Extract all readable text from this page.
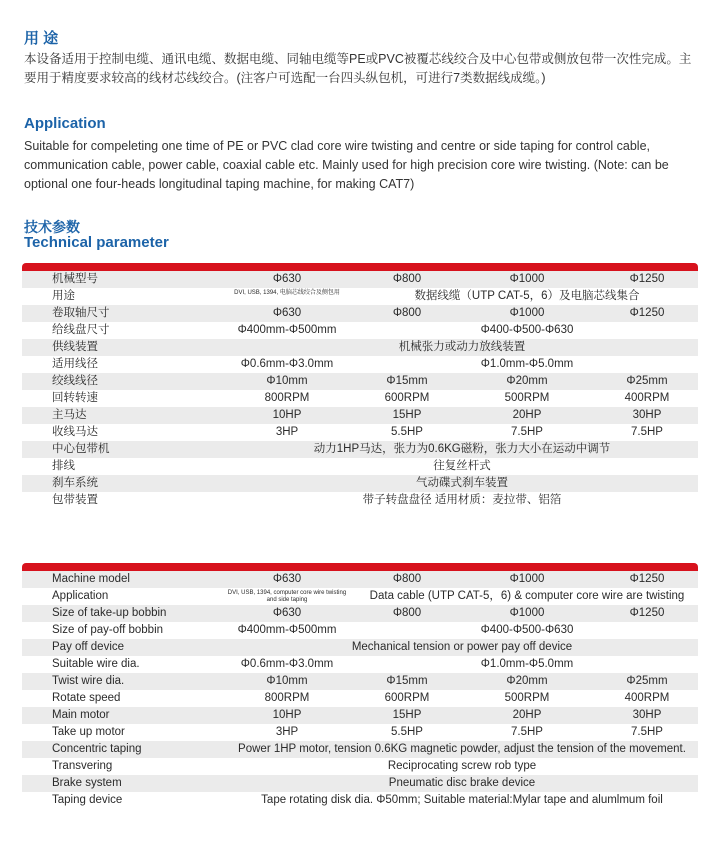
用 途
本设备适用于控制电缆、通讯电缆、数据电缆、同轴电缆等PE或PVC被覆芯线绞合及中心包带或侧放包带一次性完成。主要用于精度要求较高的线材芯线绞合。(注客户可选配一台四头纵包机，可进行7类数据线成缆。)
Application
Suitable for compeleting one time of PE or PVC clad core wire twisting and centre or side taping for control cable, communication cable, power cable, coaxial cable etc. Mainly used for high precision core wire twisting. (Note: can be optional one four-heads longitudinal taping machine, for making CAT7)
技术参数
Technical parameter
机械型号	Φ630	Φ800	Φ1000	Φ1250
用途	DVI, USB, 1394, 电脑芯线绞合及侧包用	数据线缆（UTP CAT-5，6）及电脑芯线集合
卷取轴尺寸	Φ630	Φ800	Φ1000	Φ1250
给线盘尺寸	Φ400mm-Φ500mm	Φ400-Φ500-Φ630
供线装置	机械张力或动力放线装置
适用线径	Φ0.6mm-Φ3.0mm	Φ1.0mm-Φ5.0mm
绞线线径	Φ10mm	Φ15mm	Φ20mm	Φ25mm
回转转速	800RPM	600RPM	500RPM	400RPM
主马达	10HP	15HP	20HP	30HP
收线马达	3HP	5.5HP	7.5HP	7.5HP
中心包带机	动力1HP马达，张力为0.6KG磁粉，张力大小在运动中调节
排线	往复丝杆式
刹车系统	气动碟式刹车装置
包带装置	带子转盘盘径 适用材质：麦拉带、铝箔
Machine model	Φ630	Φ800	Φ1000	Φ1250
Application	DVI, USB, 1394, computer core wire twisting and side taping	Data cable (UTP CAT-5，6) & computer core wire are twisting
Size of take-up bobbin	Φ630	Φ800	Φ1000	Φ1250
Size of pay-off bobbin	Φ400mm-Φ500mm	Φ400-Φ500-Φ630
Pay off device	Mechanical tension or power pay off device
Suitable wire dia.	Φ0.6mm-Φ3.0mm	Φ1.0mm-Φ5.0mm
Twist wire dia.	Φ10mm	Φ15mm	Φ20mm	Φ25mm
Rotate speed	800RPM	600RPM	500RPM	400RPM
Main motor	10HP	15HP	20HP	30HP
Take up motor	3HP	5.5HP	7.5HP	7.5HP
Concentric taping	Power 1HP motor, tension 0.6KG magnetic powder, adjust the tension of the movement.
Transvering	Reciprocating screw rob type
Brake system	Pneumatic disc brake device
Taping device	Tape rotating disk dia. Φ50mm; Suitable material:Mylar tape and alumlmum foil
